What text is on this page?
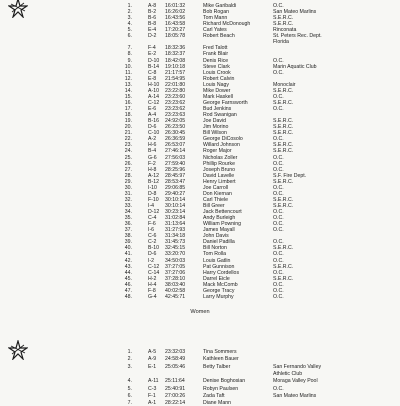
1.	A-8 16:01:32	Mike Garibaldi	O.C.
2.	B-2 16:26:02	Bob Rogan	San Mateo Marlins
3.	B-6 16:43:56	Tom Mann	S.E.R.C.
4.	B-8 16:43:58	Richard McDonough	S.E.R.C.
5.	E-4 17:20:27	Carl Yates	Rinconata
6.	D-2 18:05:78	Robert Beach	St. Peters Rec. Dept.
Florida
7.	F-4 18:32:36	Fred Talott
8.	E-2 18:32:37	Frank Blair
9.	D-10 18:42:08	Denis Rice	O.C.
10.	B-14 19:10:18	Steve Clark	Marin Aquatic Club
11.	C-8 21:17:57	Louis Crook	O.C.
12.	E-8 21:54:95	Robert Calvin
13.	H-10 22:01:80	Louis Nagy	Monoclair
14.	A-10 23:22:80	Mike Dower	S.E.R.C.
15.	A-14 23:23:60	Mark Haskell	O.C.
16.	C-12 23:23:62	George Farnsworth	S.E.R.C.
17.	E-6 23:23:62	Bud Jenkins	O.C.
18.	A-4 23:23:63	Rod Swanigan
19.	B-16 24:92:05	Joe David	S.E.R.C.
20.	D-6 26:23:50	Jim Morino	S.E.R.C.
21.	C-10 26:30:45	Bill Wilson	S.E.R.C.
22.	A-2 26:36:59	George DiCosolo	O.C.
23.	H-6 26:53:07	Willard Johnson	S.E.R.C.
24.	B-4 27:46:14	Roger Major	S.E.R.C.
25.	G-6 27:56:03	Nicholas Zoller	O.C.
26.	F-2 27:59:40	Phillip Rourke	O.C.
27.	H-8 28:25:96	Joseph Bruno	O.C.
28.	A-12 28:45:97	David Lavelle	S.F. Fire Dept.
29.	B-12 28:53:47	Henry Limbert	S.E.R.C.
30.	I-10 29:06:85	Joe Carroll	O.C.
31.	D-8 29:40:27	Don Kiernan	O.C.
32.	F-10 30:10:14	Carl Thiele	S.E.R.C.
33.	I-4 30:10:14	Bill Greer	S.E.R.C.
34.	D-12 30:23:14	Jack Bettencourt	O.C.
35.	C-4 31:02:84	Andy Burleigh	O.C.
36.	F-6 31:13:64	William Powning	O.C.
37.	I-6 31:27:93	James Mayall	O.C.
38.	C-6 31:34:18	John Davis
39.	C-2 31:45:73	Daniel Padilla	O.C.
40.	B-10 32:45:15	Bill Norton	S.E.R.C.
41.	D-6 33:20:70	Tom Rolla	O.C.
42.	I-2 34:50:03	Louis Gatlin	O.C.
43.	C-12 37:27:05	Pat Gunnison	S.E.R.C.
44.	C-14 37:27:06	Harry Cordellos	O.C.
45.	H-2 37:28:10	Darrel Eicle	S.E.R.C.
46.	H-4 38:03:40	Mack McComb	O.C.
47.	F-8 40:02:58	George Tracy	O.C.
48.	G-4 42:45:71	Larry Murphy	O.C.
Women
1.	A-5 23:32:03	Tina Sommers
2.	A-9 24:58:49	Kathleen Bauer
3.	E-1 25:05:46	Betty Talber	San Fernando Valley
Athletic Club
4.	A-11 25:11:64	Denise Boghosian	Moraga Valley Pool
5.	C-3 25:40:91	Robyn Paulsen	O.C.
6.	F-1 27:00:26	Zada Taft	San Mateo Marlins
7.	A-1 28:22:14	Diane Mann
